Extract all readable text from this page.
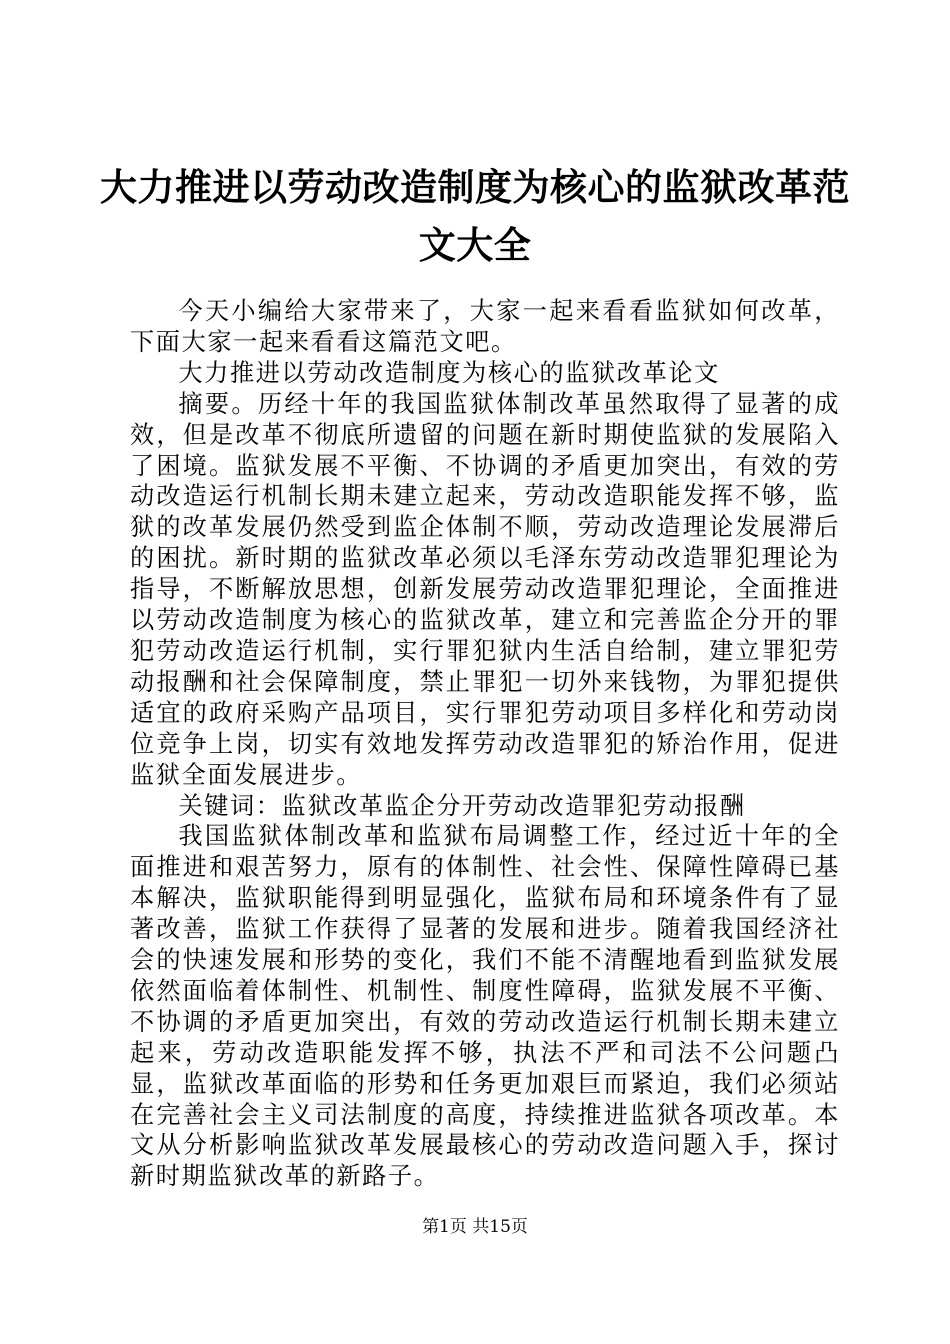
大力推进以劳动改造制度为核心的监狱改革范文大全

今天小编给大家带来了，大家一起来看看监狱如何改革，下面大家一起来看看这篇范文吧。

大力推进以劳动改造制度为核心的监狱改革论文

摘要。历经十年的我国监狱体制改革虽然取得了显著的成效，但是改革不彻底所遗留的问题在新时期使监狱的发展陷入了困境。监狱发展不平衡、不协调的矛盾更加突出，有效的劳动改造运行机制长期未建立起来，劳动改造职能发挥不够，监狱的改革发展仍然受到监企体制不顺，劳动改造理论发展滞后的困扰。新时期的监狱改革必须以毛泽东劳动改造罪犯理论为指导，不断解放思想，创新发展劳动改造罪犯理论，全面推进以劳动改造制度为核心的监狱改革，建立和完善监企分开的罪犯劳动改造运行机制，实行罪犯狱内生活自给制，建立罪犯劳动报酬和社会保障制度，禁止罪犯一切外来钱物，为罪犯提供适宜的政府采购产品项目，实行罪犯劳动项目多样化和劳动岗位竞争上岗，切实有效地发挥劳动改造罪犯的矫治作用，促进监狱全面发展进步。

关键词：监狱改革监企分开劳动改造罪犯劳动报酬

我国监狱体制改革和监狱布局调整工作，经过近十年的全面推进和艰苦努力，原有的体制性、社会性、保障性障碍已基本解决，监狱职能得到明显强化，监狱布局和环境条件有了显著改善，监狱工作获得了显著的发展和进步。随着我国经济社会的快速发展和形势的变化，我们不能不清醒地看到监狱发展依然面临着体制性、机制性、制度性障碍，监狱发展不平衡、不协调的矛盾更加突出，有效的劳动改造运行机制长期未建立起来，劳动改造职能发挥不够，执法不严和司法不公问题凸显，监狱改革面临的形势和任务更加艰巨而紧迫，我们必须站在完善社会主义司法制度的高度，持续推进监狱各项改革。本文从分析影响监狱改革发展最核心的劳动改造问题入手，探讨新时期监狱改革的新路子。

第1页 共15页
